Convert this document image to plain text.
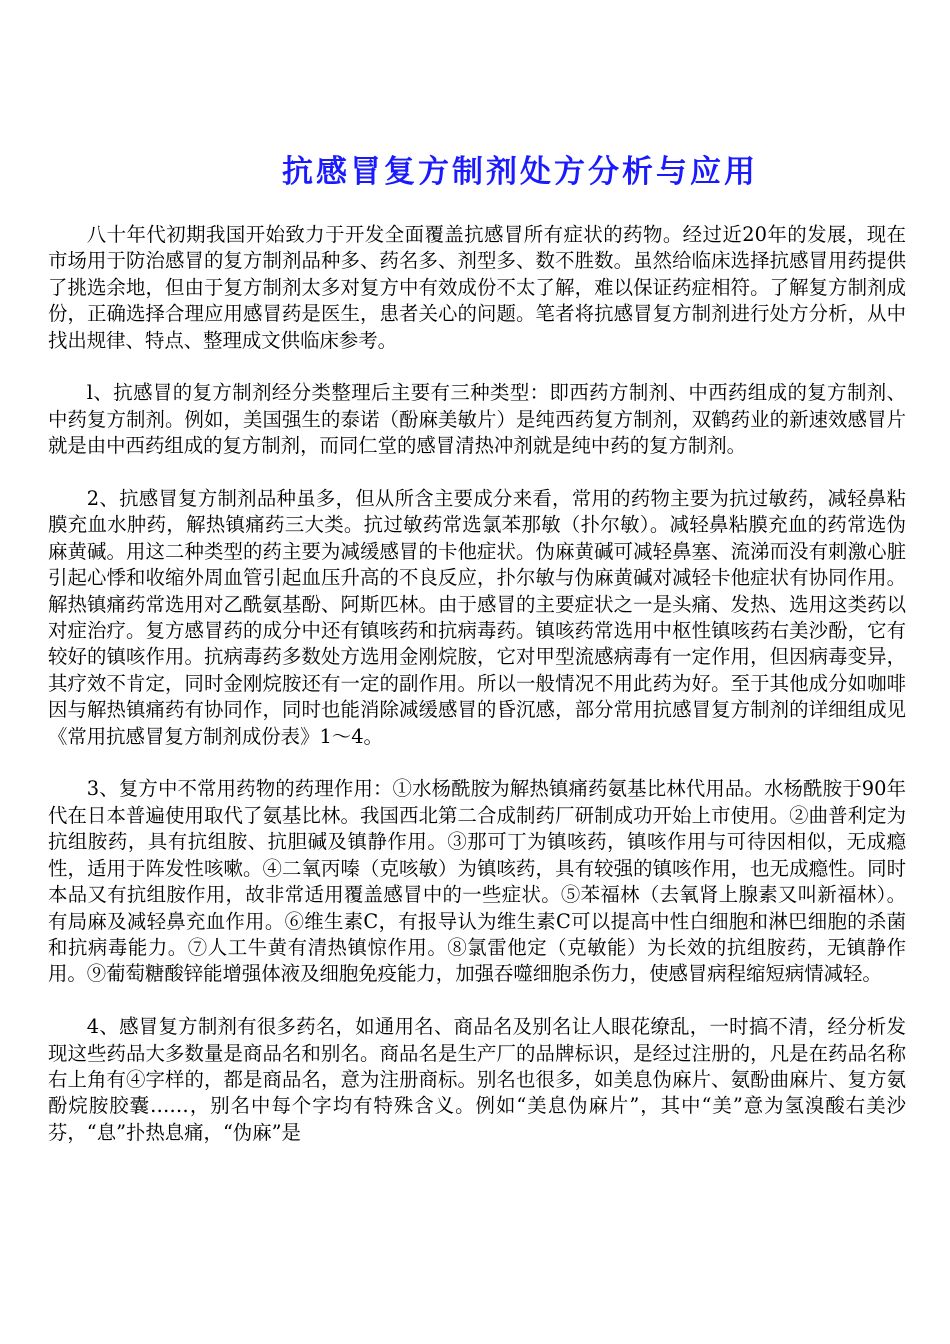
抗感冒复方制剂处方分析与应用

八十年代初期我国开始致力于开发全面覆盖抗感冒所有症状的药物。经过近20年的发展，现在市场用于防治感冒的复方制剂品种多、药名多、剂型多、数不胜数。虽然给临床选择抗感冒用药提供了挑选余地，但由于复方制剂太多对复方中有效成份不太了解，难以保证药症相符。了解复方制剂成份，正确选择合理应用感冒药是医生，患者关心的问题。笔者将抗感冒复方制剂进行处方分析，从中找出规律、特点、整理成文供临床参考。

l、抗感冒的复方制剂经分类整理后主要有三种类型：即西药方制剂、中西药组成的复方制剂、中药复方制剂。例如，美国强生的泰诺（酚麻美敏片）是纯西药复方制剂，双鹤药业的新速效感冒片就是由中西药组成的复方制剂，而同仁堂的感冒清热冲剂就是纯中药的复方制剂。

2、抗感冒复方制剂品种虽多，但从所含主要成分来看，常用的药物主要为抗过敏药，减轻鼻粘膜充血水肿药，解热镇痛药三大类。抗过敏药常选氯苯那敏（扑尔敏）。减轻鼻粘膜充血的药常选伪麻黄碱。用这二种类型的药主要为减缓感冒的卡他症状。伪麻黄碱可减轻鼻塞、流涕而没有刺激心脏引起心悸和收缩外周血管引起血压升高的不良反应，扑尔敏与伪麻黄碱对减轻卡他症状有协同作用。解热镇痛药常选用对乙酰氨基酚、阿斯匹林。由于感冒的主要症状之一是头痛、发热、选用这类药以对症治疗。复方感冒药的成分中还有镇咳药和抗病毒药。镇咳药常选用中枢性镇咳药右美沙酚，它有较好的镇咳作用。抗病毒药多数处方选用金刚烷胺，它对甲型流感病毒有一定作用，但因病毒变异，其疗效不肯定，同时金刚烷胺还有一定的副作用。所以一般情况不用此药为好。至于其他成分如咖啡因与解热镇痛药有协同作，同时也能消除减缓感冒的昏沉感，部分常用抗感冒复方制剂的详细组成见《常用抗感冒复方制剂成份表》1～4。

3、复方中不常用药物的药理作用：①水杨酰胺为解热镇痛药氨基比林代用品。水杨酰胺于90年代在日本普遍使用取代了氨基比林。我国西北第二合成制药厂研制成功开始上市使用。②曲普利定为抗组胺药，具有抗组胺、抗胆碱及镇静作用。③那可丁为镇咳药，镇咳作用与可待因相似，无成瘾性，适用于阵发性咳嗽。④二氧丙嗪（克咳敏）为镇咳药，具有较强的镇咳作用，也无成瘾性。同时本品又有抗组胺作用，故非常适用覆盖感冒中的一些症状。⑤苯福林（去氧肾上腺素又叫新福林）。有局麻及减轻鼻充血作用。⑥维生素C，有报导认为维生素C可以提高中性白细胞和淋巴细胞的杀菌和抗病毒能力。⑦人工牛黄有清热镇惊作用。⑧氯雷他定（克敏能）为长效的抗组胺药，无镇静作用。⑨葡萄糖酸锌能增强体液及细胞免疫能力，加强吞噬细胞杀伤力，使感冒病程缩短病情减轻。

4、感冒复方制剂有很多药名，如通用名、商品名及别名让人眼花缭乱，一时搞不清，经分析发现这些药品大多数量是商品名和别名。商品名是生产厂的品牌标识，是经过注册的，凡是在药品名称右上角有④字样的，都是商品名，意为注册商标。别名也很多，如美息伪麻片、氨酚曲麻片、复方氨酚烷胺胶囊……，别名中每个字均有特殊含义。例如“美息伪麻片”，其中“美”意为氢溴酸右美沙芬，“息”扑热息痛，“伪麻”是
